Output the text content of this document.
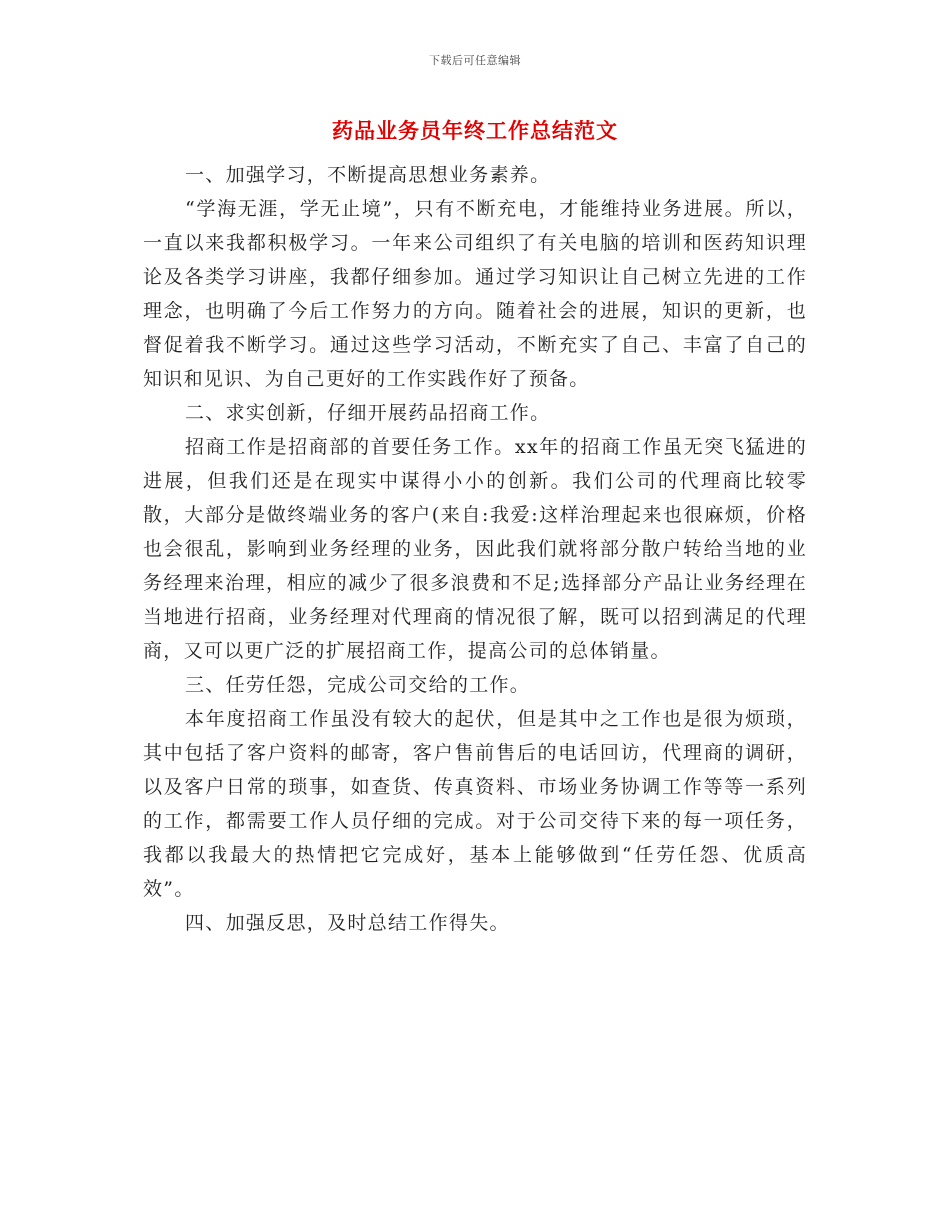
下载后可任意编辑
药品业务员年终工作总结范文

一、加强学习，不断提高思想业务素养。

“学海无涯，学无止境”，只有不断充电，才能维持业务进展。所以，一直以来我都积极学习。一年来公司组织了有关电脑的培训和医药知识理论及各类学习讲座，我都仔细参加。通过学习知识让自己树立先进的工作理念，也明确了今后工作努力的方向。随着社会的进展，知识的更新，也督促着我不断学习。通过这些学习活动，不断充实了自己、丰富了自己的知识和见识、为自己更好的工作实践作好了预备。

二、求实创新，仔细开展药品招商工作。

招商工作是招商部的首要任务工作。xx年的招商工作虽无突飞猛进的进展，但我们还是在现实中谋得小小的创新。我们公司的代理商比较零散，大部分是做终端业务的客户(来自:我爱:这样治理起来也很麻烦，价格也会很乱，影响到业务经理的业务，因此我们就将部分散户转给当地的业务经理来治理，相应的减少了很多浪费和不足;选择部分产品让业务经理在当地进行招商，业务经理对代理商的情况很了解，既可以招到满足的代理商，又可以更广泛的扩展招商工作，提高公司的总体销量。

三、任劳任怨，完成公司交给的工作。

本年度招商工作虽没有较大的起伏，但是其中之工作也是很为烦琐，其中包括了客户资料的邮寄，客户售前售后的电话回访，代理商的调研，以及客户日常的琐事，如查货、传真资料、市场业务协调工作等等一系列的工作，都需要工作人员仔细的完成。对于公司交待下来的每一项任务，我都以我最大的热情把它完成好，基本上能够做到“任劳任怨、优质高效”。

四、加强反思，及时总结工作得失。
